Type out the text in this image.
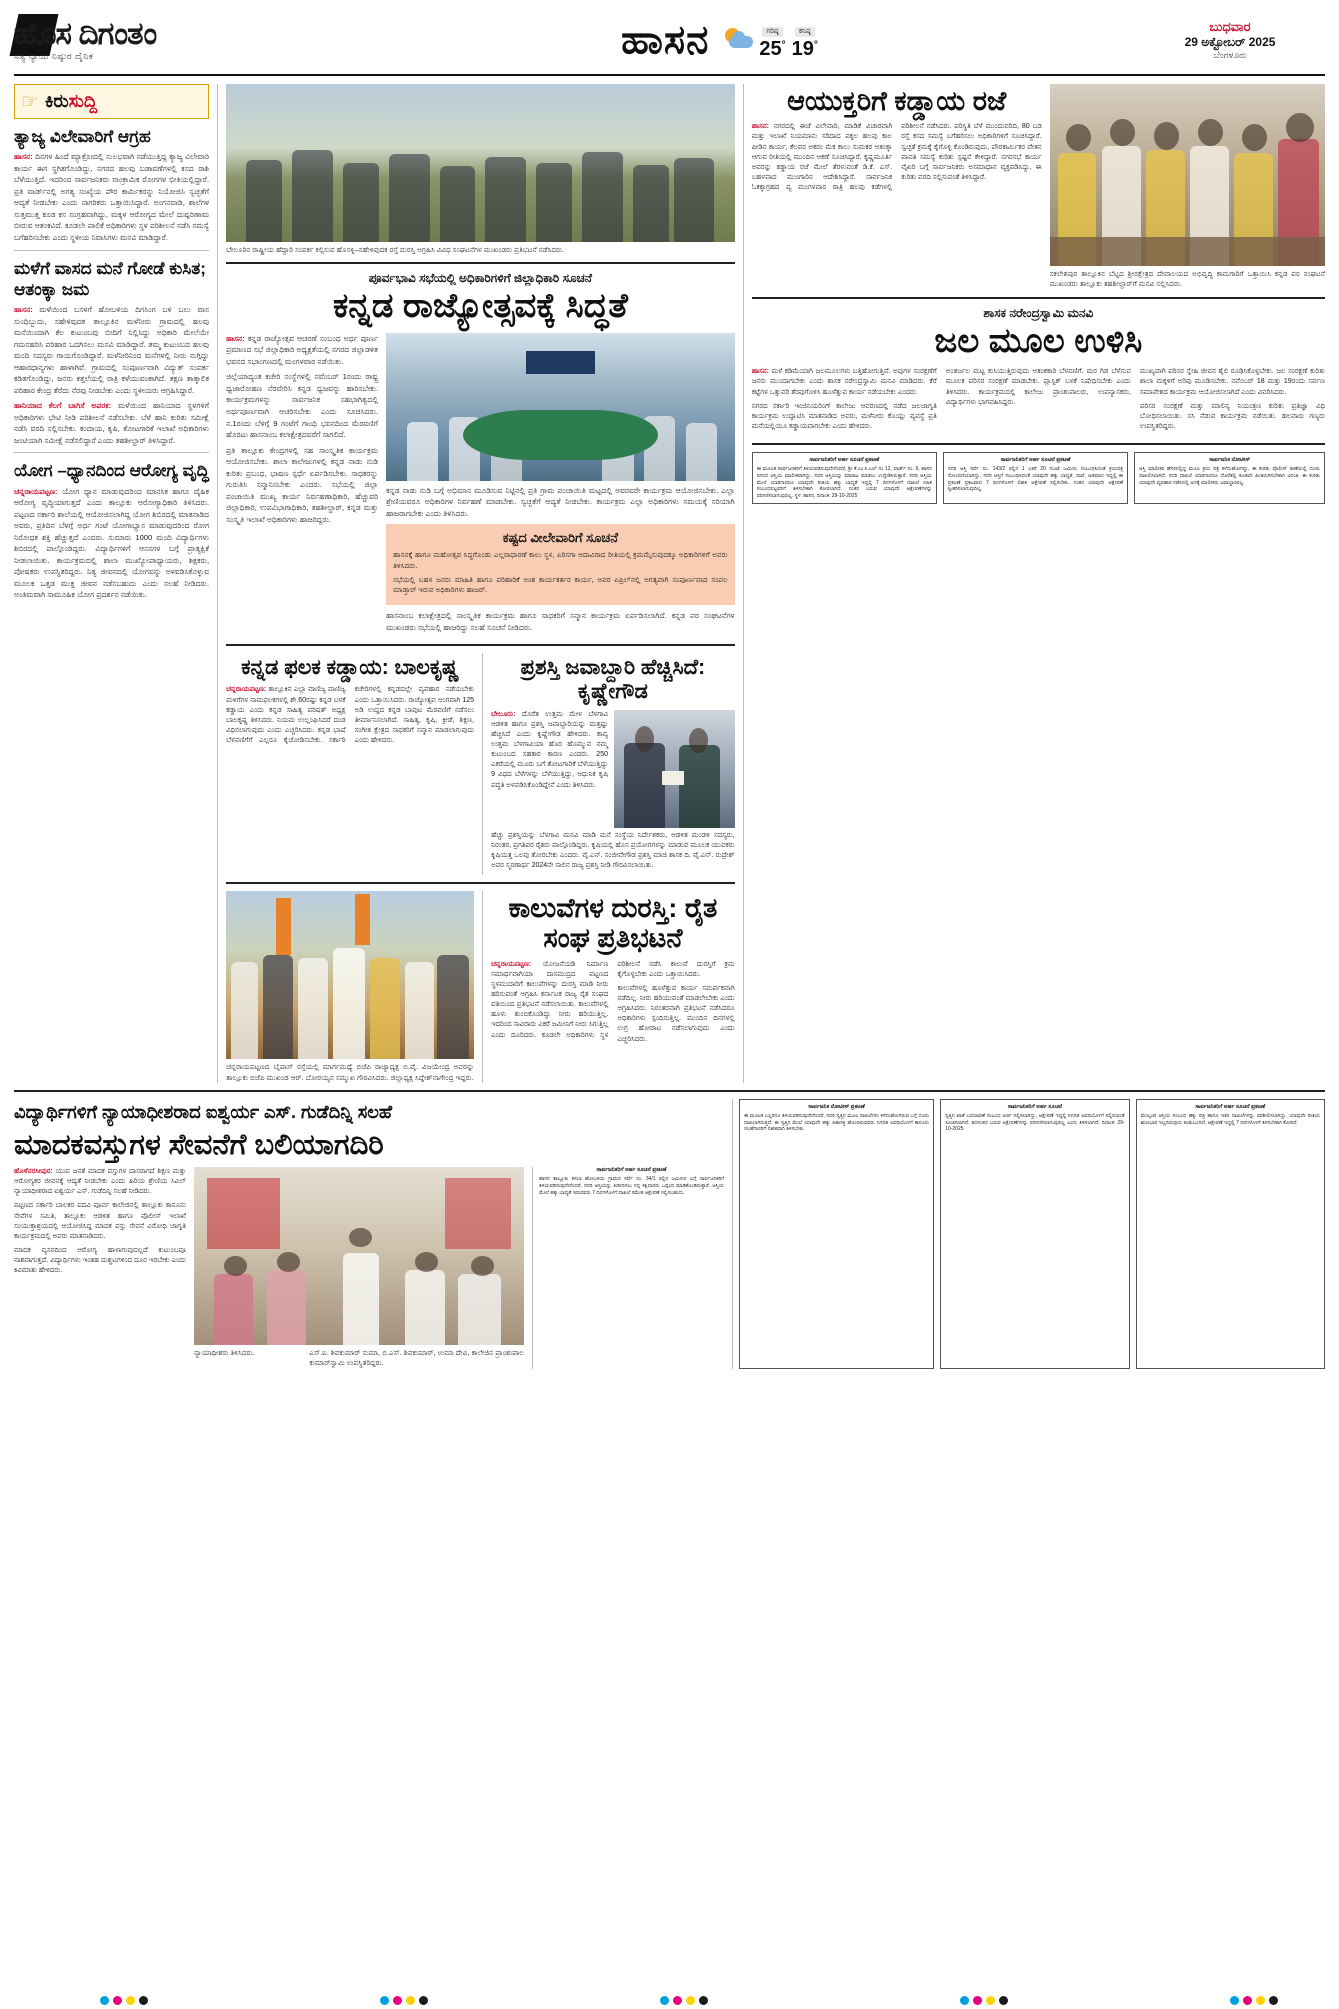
ಹೊಸ ದಿಗಂತ
ಸತ್ಯ ನ್ಯಾಯ ನಿಷ್ಠುರ ದೈನಿಕ	ಹಾಸನ	ಗರಿಷ್ಠ
25°
ಕನಿಷ್ಠ
19°
ಬುಧವಾರ
29 ಅಕ್ಟೋಬರ್ 2025
ಬೆಂಗಳೂರು
☞ ಕಿರುಸುದ್ದಿ
ತ್ಯಾಜ್ಯ ವಿಲೇವಾರಿಗೆ ಆಗ್ರಹ

ಹಾಸನ: ದಿನಗಳ ಹಿಂದೆ ಮ್ಯಾಕ್ರೋದಲ್ಲಿ ಸುಲಭವಾಗಿ ನಡೆಯುತ್ತಿದ್ದ ತ್ಯಾಜ್ಯ ವಿಲೇವಾರಿ ಕಾರ್ಯ ಈಗ ಸ್ಥಗಿತಗೊಂಡಿದ್ದು, ನಗರದ ಹಲವು ಬಡಾವಣೆಗಳಲ್ಲಿ ಕಸದ ರಾಶಿ ಬೆಳೆಯುತ್ತಿದೆ. ಇದರಿಂದ ಸಾರ್ವಜನಿಕರು ಸಾಂಕ್ರಾಮಿಕ ರೋಗಗಳ ಭೀತಿಯಲ್ಲಿದ್ದಾರೆ. ಪ್ರತಿ ವಾರ್ಡ್‌ನಲ್ಲಿ ಅಗತ್ಯ ಸಂಖ್ಯೆಯ ಪೌರ ಕಾರ್ಮಿಕರನ್ನು ನಿಯೋಜಿಸಿ ಸ್ವಚ್ಛತೆಗೆ ಆದ್ಯತೆ ನೀಡಬೇಕು ಎಂದು ನಾಗರಿಕರು ಒತ್ತಾಯಿಸಿದ್ದಾರೆ. ಅಂಗನವಾಡಿ, ಶಾಲೆಗಳ ಸುತ್ತಮುತ್ತ ಕೂಡ ಕಸ ಸಂಗ್ರಹವಾಗಿದ್ದು, ಮಕ್ಕಳ ಆರೋಗ್ಯದ ಮೇಲೆ ದುಷ್ಪರಿಣಾಮ ಬೀರುವ ಆತಂಕವಿದೆ. ಕೂಡಲೇ ಪಾಲಿಕೆ ಅಧಿಕಾರಿಗಳು ಸ್ಥಳ ಪರಿಶೀಲನೆ ನಡೆಸಿ ಸಮಸ್ಯೆ ಬಗೆಹರಿಸಬೇಕು ಎಂದು ಸ್ಥಳೀಯ ನಿವಾಸಿಗಳು ಮನವಿ ಮಾಡಿದ್ದಾರೆ.

ಮಳೆಗೆ ವಾಸದ ಮನೆ ಗೋಡೆ ಕುಸಿತ; ಆತಂಕ್ಕಾ ಜಮ

ಹಾಸನ: ಮಳೆಯಿಂದ ಬಸಳಿಗೆ ಹೋಬಳಿಯ ದಿಗಸಿಂಗ ಬಳಿ ಬಲು ವಾಸ ಸುಂಧಿಬ್ಬುದು, ಸಹೇಳಿವುದಕ ತಾಲ್ಲೂಕಿನ ಮಳೆನೀರು ಗ್ರಾಮದಲ್ಲಿ ಹಲವು ಮನೆಯಿಂದಾಗಿ ಕೆಲ ಕುಟುಂಬವು ಬೀದಿಗೆ ನಿಲ್ಲಿಸಿದ್ದು ಅಧಿಕಾರಿ ಮೇಲೆಯೇ ಗಮನಹರಿಸಿ ಪರಿಹಾರ ಒದಗಿಸಲು ಮನವಿ ಮಾಡಿದ್ದಾರೆ. ತಮ್ಮ ಕುಟುಂಬದ ಹಲವು ಮಂದಿ ಸದಸ್ಯರು ಗಾಯಗೊಂಡಿದ್ದಾರೆ. ಮಳೆನೀರಿನಿಂದ ಮನೆಗಳಲ್ಲಿ ನೀರು ನುಗ್ಗಿದ್ದು ಆಹಾರಧಾನ್ಯಗಳು ಹಾಳಾಗಿವೆ. ಗ್ರಾಮದಲ್ಲಿ ಸಂಪೂರ್ಣವಾಗಿ ವಿದ್ಯುತ್ ಸಂಪರ್ಕ ಕಡಿತಗೊಂಡಿದ್ದು, ಜನರು ಕತ್ತಲೆಯಲ್ಲಿ ರಾತ್ರಿ ಕಳೆಯುವಂತಾಗಿದೆ. ತಕ್ಷಣ ತಾತ್ಕಾಲಿಕ ಪರಿಹಾರ ಕೇಂದ್ರ ತೆರೆದು ನೆರವು ನೀಡಬೇಕು ಎಂದು ಸ್ಥಳೀಯರು ಆಗ್ರಹಿಸಿದ್ದಾರೆ.

ಹಾನಿಯಾದ ಕೆಲಗೆ ಬಾಗಿಸೆ ಅಪರಕ: ಮಳೆಯಿಂದ ಹಾನಿಯಾದ ಸ್ಥಳಗಳಿಗೆ ಅಧಿಕಾರಿಗಳು ಭೇಟಿ ನೀಡಿ ಪರಿಶೀಲನೆ ನಡೆಸಬೇಕು. ಬೆಳೆ ಹಾನಿ ಕುರಿತು ಸಮೀಕ್ಷೆ ನಡೆಸಿ ವರದಿ ಸಲ್ಲಿಸಬೇಕು. ಕಂದಾಯ, ಕೃಷಿ, ತೋಟಗಾರಿಕೆ ಇಲಾಖೆ ಅಧಿಕಾರಿಗಳು ಜಂಟಿಯಾಗಿ ಸಮೀಕ್ಷೆ ನಡೆಸಲಿದ್ದಾರೆ ಎಂದು ತಹಶೀಲ್ದಾರ್ ತಿಳಿಸಿದ್ದಾರೆ.

ಯೋಗ –ಧ್ಯಾನದಿಂದ ಆರೋಗ್ಯ ವೃದ್ಧಿ

ಚನ್ನರಾಯಪಟ್ಟಣ: ಯೋಗ ಧ್ಯಾನ ಮಾಡುವುದರಿಂದ ಮಾನಸಿಕ ಹಾಗೂ ದೈಹಿಕ ಆರೋಗ್ಯ ವೃದ್ಧಿಯಾಗುತ್ತದೆ ಎಂದು ತಾಲ್ಲೂಕು ಆರೋಗ್ಯಾಧಿಕಾರಿ ತಿಳಿಸಿದರು. ಪಟ್ಟಣದ ಸರ್ಕಾರಿ ಶಾಲೆಯಲ್ಲಿ ಆಯೋಜಿಸಲಾಗಿದ್ದ ಯೋಗ ಶಿಬಿರದಲ್ಲಿ ಮಾತನಾಡಿದ ಅವರು, ಪ್ರತಿದಿನ ಬೆಳಗ್ಗೆ ಅರ್ಧ ಗಂಟೆ ಯೋಗಾಭ್ಯಾಸ ಮಾಡುವುದರಿಂದ ರೋಗ ನಿರೋಧಕ ಶಕ್ತಿ ಹೆಚ್ಚುತ್ತದೆ ಎಂದರು. ಸುಮಾರು 1000 ಮಂದಿ ವಿದ್ಯಾರ್ಥಿಗಳು ಶಿಬಿರದಲ್ಲಿ ಪಾಲ್ಗೊಂಡಿದ್ದರು. ವಿದ್ಯಾರ್ಥಿಗಳಿಗೆ ಆಸನಗಳ ಬಗ್ಗೆ ಪ್ರಾತ್ಯಕ್ಷಿಕೆ ನೀಡಲಾಯಿತು. ಕಾರ್ಯಕ್ರಮದಲ್ಲಿ ಶಾಲಾ ಮುಖ್ಯೋಪಾಧ್ಯಾಯರು, ಶಿಕ್ಷಕರು, ಪೋಷಕರು ಉಪಸ್ಥಿತರಿದ್ದರು. ನಿತ್ಯ ಜೀವನದಲ್ಲಿ ಯೋಗವನ್ನು ಅಳವಡಿಸಿಕೊಳ್ಳುವ ಮೂಲಕ ಒತ್ತಡ ಮುಕ್ತ ಜೀವನ ನಡೆಸಬಹುದು ಎಂದು ಸಲಹೆ ನೀಡಿದರು. ಅಂತಿಮವಾಗಿ ಸಾಮೂಹಿಕ ಯೋಗ ಪ್ರದರ್ಶನ ನಡೆಯಿತು.

ಬೇಲೂರಿನ ರಾಷ್ಟ್ರೀಯ ಹೆದ್ದಾರಿ ಸಂಪರ್ಕ ಕಲ್ಪಿಸುವ ಹೊಸಳ್ಳಿ–ಸಹೇಳಿವುದಕ ರಸ್ತೆ ದುರಸ್ತಿ ಆಗ್ರಹಿಸಿ ವಿವಿಧ ಸಂಘಟನೆಗಳ ಮುಖಂಡರು ಪ್ರತಿಭಟನೆ ನಡೆಸಿದರು.
ಪೂರ್ವಭಾವಿ ಸಭೆಯಲ್ಲಿ ಅಧಿಕಾರಿಗಳಿಗೆ ಜಿಲ್ಲಾಧಿಕಾರಿ ಸೂಚನೆ
ಕನ್ನಡ ರಾಜ್ಯೋತ್ಸವಕ್ಕೆ ಸಿದ್ಧತೆ

ಹಾಸನ: ಕನ್ನಡ ರಾಜ್ಯೋತ್ಸವ ಆಚರಣೆ ಸಂಬಂಧ ಅರ್ಧ ಪೂರ್ಣ ಪ್ರಮಾಣದ ಸಭೆ ಜಿಲ್ಲಾಧಿಕಾರಿ ಅಧ್ಯಕ್ಷತೆಯಲ್ಲಿ ನಗರದ ಜಿಲ್ಲಾಡಳಿತ ಭವನದ ಸಭಾಂಗಣದಲ್ಲಿ ಮಂಗಳವಾರ ನಡೆಯಿತು.

ಜಿಲ್ಲೆಯಾದ್ಯಂತ ಕಚೇರಿ ಸಂಸ್ಥೆಗಳಲ್ಲಿ ನವೆಂಬರ್ 1ರಂದು ರಾಷ್ಟ್ರ ಧ್ವಜಾರೋಹಣ ನೆರವೇರಿಸಿ ಕನ್ನಡ ಧ್ವಜವನ್ನು ಹಾರಿಸಬೇಕು. ಕಾರ್ಯಕ್ರಮಗಳನ್ನು ಸಾರ್ವಜನಿಕ ಸಹಭಾಗಿತ್ವದಲ್ಲಿ ಅರ್ಥಪೂರ್ಣವಾಗಿ ಆಚರಿಸಬೇಕು ಎಂದು ಸೂಚಿಸಿದರು. ನ.1ರಂದು ಬೆಳಿಗ್ಗೆ 9 ಗಂಟೆಗೆ ಗಾಂಧಿ ಭವನದಿಂದ ಮೆರವಣಿಗೆ ಹೊರಟು ಹಾಸನಾಂಬ ಕಲಾಕ್ಷೇತ್ರದವರೆಗೆ ಸಾಗಲಿದೆ.

ಪ್ರತಿ ತಾಲ್ಲೂಕು ಕೇಂದ್ರಗಳಲ್ಲಿ ಸಹ ಸಾಂಸ್ಕೃತಿಕ ಕಾರ್ಯಕ್ರಮ ಆಯೋಜಿಸಬೇಕು. ಶಾಲಾ ಕಾಲೇಜುಗಳಲ್ಲಿ ಕನ್ನಡ ನಾಡು ನುಡಿ ಕುರಿತು ಪ್ರಬಂಧ, ಭಾಷಣ ಸ್ಪರ್ಧೆ ಏರ್ಪಡಿಸಬೇಕು. ಸಾಧಕರನ್ನು ಗುರುತಿಸಿ ಸನ್ಮಾನಿಸಬೇಕು ಎಂದರು. ಸಭೆಯಲ್ಲಿ ಜಿಲ್ಲಾ ಪಂಚಾಯಿತಿ ಮುಖ್ಯ ಕಾರ್ಯ ನಿರ್ವಹಣಾಧಿಕಾರಿ, ಹೆಚ್ಚುವರಿ ಜಿಲ್ಲಾಧಿಕಾರಿ, ಉಪವಿಭಾಗಾಧಿಕಾರಿ, ತಹಶೀಲ್ದಾರ್, ಕನ್ನಡ ಮತ್ತು ಸಂಸ್ಕೃತಿ ಇಲಾಖೆ ಅಧಿಕಾರಿಗಳು ಹಾಜರಿದ್ದರು.

ಕನ್ನಡ ನಾಡು ನುಡಿ ಬಗ್ಗೆ ಅಭಿಮಾನ ಮೂಡಿಸುವ ನಿಟ್ಟಿನಲ್ಲಿ ಪ್ರತಿ ಗ್ರಾಮ ಪಂಚಾಯಿತಿ ಮಟ್ಟದಲ್ಲಿ ಅವರವರೇ ಕಾರ್ಯಕ್ರಮ ಆಯೋಜಿಸಬೇಕು. ಎಲ್ಲಾ ಶ್ರೇಣಿಯವರೂ ಅಧಿಕಾರಿಗಳ ನಿರ್ವಹಣೆ ಮಾಡಬೇಕು. ಸ್ವಚ್ಛತೆಗೆ ಆದ್ಯತೆ ನೀಡಬೇಕು. ಕಾರ್ಯಕ್ರಮ ಎಲ್ಲಾ ಅಧಿಕಾರಿಗಳು ಸಮಯಕ್ಕೆ ಸರಿಯಾಗಿ ಹಾಜರಾಗಬೇಕು ಎಂದು ತಿಳಿಸಿದರು.

ಕಷ್ಟದ ವೀಲೇವಾರಿಗೆ ಸೂಚನೆ

ಹಾಸನಕ್ಕೆ ಹಾಗೂ ಮಹೋತ್ಸವ ಸಿದ್ಧಗೊಂಡು ಎಲ್ಲರಾಧಾರಣೆ ಕಾಲು ಸ್ಥಳ, ಏರಿಸಗಾ ಆದಾವಿರಾದ ರೀತಿಯಲ್ಲಿ ಕ್ರಮಮೈಸುವುದಕ್ಕೂ ಅಧಿಕಾರಿಗಳಿಗೆ ಅವರು ತಿಳಿಸಿದರು.

ಸಭೆಯಲ್ಲಿ ಬಹಳ ಜನರು ಮಾಹಿತಿ ಹಾಗೂ ಪರಿಹಾರಿಕೆ ಅಂಶ ಕಾರ್ಯಕರ್ತರ ಕಾರ್ಯ, ಅವರ ಏಪ್ರಿಲ್‌ನಲ್ಲಿ ಅಗತ್ಯವಾಗಿ ಸಂಪೂರ್ಣವಾದ ಸಂಪಲ ಮಾಡ್ತಾರ್ ಇರುವ ಅಧಿಕಾರಿಗಳು ಹಾಜರ್.

ಹಾಸನಾಂಬ ಕಲಾಕ್ಷೇತ್ರದಲ್ಲಿ ಸಾಂಸ್ಕೃತಿಕ ಕಾರ್ಯಕ್ರಮ ಹಾಗೂ ಸಾಧಕರಿಗೆ ಸನ್ಮಾನ ಕಾರ್ಯಕ್ರಮ ಏರ್ಪಡಿಸಲಾಗಿದೆ. ಕನ್ನಡ ಪರ ಸಂಘಟನೆಗಳ ಮುಖಂಡರು ಸಭೆಯಲ್ಲಿ ಹಾಜರಿದ್ದು ಸಲಹೆ ಸೂಚನೆ ನೀಡಿದರು.

ಕನ್ನಡ ಫಲಕ ಕಡ್ಡಾಯ: ಬಾಲಕೃಷ್ಣ

ಚನ್ನರಾಯಪಟ್ಟಣ: ತಾಲ್ಲೂಕಿನ ಎಲ್ಲಾ ವಾಣಿಜ್ಯ ವಾಣಿಜ್ಯ ಮಳಿಗೆಗಳ ನಾಮಫಲಕಗಳಲ್ಲಿ ಶೇ.60ರಷ್ಟು ಕನ್ನಡ ಬಳಕೆ ಕಡ್ಡಾಯ ಎಂದು ಕನ್ನಡ ಸಾಹಿತ್ಯ ಪರಿಷತ್ ಅಧ್ಯಕ್ಷ ಬಾಲಕೃಷ್ಣ ತಿಳಿಸಿದರು. ನಿಯಮ ಉಲ್ಲಂಘಿಸಿದರೆ ದಂಡ ವಿಧಿಸಲಾಗುವುದು ಎಂದು ಎಚ್ಚರಿಸಿದರು. ಕನ್ನಡ ಭಾಷೆ ಬೆಳವಣಿಗೆಗೆ ಎಲ್ಲರೂ ಕೈಜೋಡಿಸಬೇಕು. ಸರ್ಕಾರಿ ಕಚೇರಿಗಳಲ್ಲಿ ಕನ್ನಡದಲ್ಲೇ ವ್ಯವಹಾರ ನಡೆಯಬೇಕು ಎಂದು ಒತ್ತಾಯಿಸಿದರು. ರಾಜ್ಯೋತ್ಸವ ಅಂಗವಾಗಿ 125 ಅಡಿ ಉದ್ದದ ಕನ್ನಡ ಬಾವುಟ ಮೆರವಣಿಗೆ ನಡೆಸಲು ತೀರ್ಮಾನಿಸಲಾಗಿದೆ. ಸಾಹಿತ್ಯ, ಕೃಷಿ, ಕ್ರೀಡೆ, ಶಿಕ್ಷಣ, ಸಂಗೀತ ಕ್ಷೇತ್ರದ ಸಾಧಕರಿಗೆ ಸನ್ಮಾನ ಮಾಡಲಾಗುವುದು ಎಂದು ಹೇಳಿದರು.

ಪ್ರಶಸ್ತಿ ಜವಾಬ್ದಾರಿ ಹೆಚ್ಚಿಸಿದೆ: ಕೃಷ್ಣೇಗೌಡ

ಬೇಲೂರು: ದೊರೆತ ಉತ್ತಮ ಮೇಳ ಬೆಳಗಾವಿ ಆಡಳಿತ ಹಾಗೂ ಪ್ರಶಸ್ತಿ ಜವಾಬ್ದಾರಿಯನ್ನು ಮತ್ತಷ್ಟು ಹೆಚ್ಚಿಸಿದೆ ಎಂದು ಕೃಷ್ಣೇಗೌಡ ಹೇಳಿದರು. ಕಾವ್ಯ ಉತ್ತಮ ಬೆಳಗಾವಿಯಾ ಹೊರ ಹೊಮ್ಮುವ ನಮ್ಮ ಕುಟುಂಬದ ಸಹಕಾರ ಕಾರಣ ಎಂದರು. 250 ಎಕರೆಯಲ್ಲಿ ಮೂರು ಬಗೆ ತೋಟಗಾರಿಕೆ ಬೆಳೆಯುತ್ತಿದ್ದು 9 ವಿಧದ ಬೆಳೆಗಳನ್ನು ಬೆಳೆಯುತ್ತಿದ್ದು, ಆಧುನಿಕ ಕೃಷಿ ಪದ್ಧತಿ ಅಳವಡಿಸಿಕೊಂಡಿದ್ದೇನೆ ಎಂದು ತಿಳಿಸಿದರು.

ಹೆಚ್ಚು ಪ್ರಶಸ್ತಿಯನ್ನು ಬೆಳಗಾವಿ ಮನವಿ ಮಾಡಿ ಮನೆ ಸಂಸ್ಥೆಯ ನಿರ್ದೇಶಕರು, ಆಡಳಿತ ಮಂಡಳಿ ಸದಸ್ಯರು, ನಿರಂತರ, ಪ್ರಗತಿಪರ ರೈತರು ಪಾಲ್ಗೊಂಡಿದ್ದರು. ಕೃಷಿಯಲ್ಲಿ ಹೊಸ ಪ್ರಯೋಗಗಳನ್ನು ಮಾಡುವ ಮೂಲಕ ಯುವಕರು ಕೃಷಿಯತ್ತ ಒಲವು ತೋರಬೇಕು ಎಂದರು. ವೈ.ಎನ್. ಸಂಜೀವೇಗೌಡ ಪ್ರಶಸ್ತಿ ಮಾಜಿ ಶಾಸಕ ದಿ. ವೈ.ಎನ್. ರುದ್ರೇಶ್ ಅವರ ಸ್ಮರಣಾರ್ಥ 2024ನೇ ಸಾಲಿನ ರಾಜ್ಯ ಪ್ರಶಸ್ತಿ ನೀಡಿ ಗೌರವಿಸಲಾಯಿತು.

ಚನ್ನರಾಯಪಟ್ಟಣದ ಬೈಪಾಸ್ ರಸ್ತೆಯಲ್ಲಿ ಮಾರ್ಗಮಧ್ಯೆ ಬಿಜೆಪಿ ರಾಜ್ಯಾಧ್ಯಕ್ಷ ಬಿ.ವೈ. ವಿಜಯೇಂದ್ರ ಅವರನ್ನು ತಾಲ್ಲೂಕು ಬಿಜೆಪಿ ಮುಖಂಡ ಆರ್. ಬೋರಯ್ಯನ ಸಮ್ಮುಖ ಗೌರವಿಸಿದರು. ಜಿಲ್ಲಾಧ್ಯಕ್ಷ ಸಿದ್ದೇಶ್‌ನಾಗೇಂದ್ರ ಇದ್ದರು.
ಕಾಲುವೆಗಳ ದುರಸ್ತಿ: ರೈತ ಸಂಘ ಪ್ರತಿಭಟನೆ

ಚನ್ನರಾಯಪಟ್ಟಣ: ಯೋಜನೆಯಡಿ ನಿರ್ಮಾಣ ಸಮಾರ್ಥವಾಗಿಯಾ ದಾಸಮುದ್ರದ ಪಟ್ಟಣದ ಸ್ಥಳಮುದಾರಿಗೆ ಕಾಲುವೆಗಳನ್ನು ದುರಸ್ತಿ ಮಾಡಿ ನೀರು ಹರಿಸುವಂತೆ ಆಗ್ರಹಿಸಿ ಕರ್ನಾಟಕ ರಾಜ್ಯ ರೈತ ಸಂಘದ ವತಿಯಿಂದ ಪ್ರತಿಭಟನೆ ನಡೆಸಲಾಯಿತು. ಕಾಲುವೆಗಳಲ್ಲಿ ಹೂಳು ತುಂಬಿಕೊಂಡಿದ್ದು ನೀರು ಹರಿಯುತ್ತಿಲ್ಲ. ಇದರಿಂದ ಸಾವಿರಾರು ಎಕರೆ ಜಮೀನಿಗೆ ನೀರು ಸಿಗುತ್ತಿಲ್ಲ ಎಂದು ದೂರಿದರು. ಕೂಡಲೇ ಅಧಿಕಾರಿಗಳು ಸ್ಥಳ ಪರಿಶೀಲನೆ ನಡೆಸಿ ಕಾಲುವೆ ದುರಸ್ತಿಗೆ ಕ್ರಮ ಕೈಗೊಳ್ಳಬೇಕು ಎಂದು ಒತ್ತಾಯಿಸಿದರು.

ಕಾಲುವೆಗಳಲ್ಲಿ ಹೂಳೆತ್ತುವ ಕಾರ್ಯ ಸಮರ್ಪಕವಾಗಿ ನಡೆದಿಲ್ಲ. ನೀರು ಹರಿಯುವಂತೆ ಮಾಡಲೇಬೇಕು ಎಂದು ಆಗ್ರಹಿಸಿದರು. ನಿರಂತರವಾಗಿ ಪ್ರತಿಭಟನೆ ನಡೆಸಿದರೂ ಅಧಿಕಾರಿಗಳು ಸ್ಪಂದಿಸುತ್ತಿಲ್ಲ. ಮುಂದಿನ ದಿನಗಳಲ್ಲಿ ಉಗ್ರ ಹೋರಾಟ ನಡೆಸಲಾಗುವುದು ಎಂದು ಎಚ್ಚರಿಸಿದರು.

ಆಯುಕ್ತರಿಗೆ ಕಡ್ಡಾಯ ರಜೆ

ಹಾಸನ: ನಗರದಲ್ಲಿ ಈಚೆ ವಿಲೇವಾರಿ, ಮಾಡಿಕೆ ವಿಚಾರವಾಗಿ ಮತ್ತು ಇಲಾಖೆ ನಿಯಮಾನು ಸರಿದಾದ ಪಕೃಲ ಹಲವು ಕಾಲ ಪೀಡಿನ ಕಾರ್ಯ, ಕೆಲವರ ಅಕರಂ ಮೆಕ ಕಾಲು ಸುಮಕರ ಆತಂಕ್ಕಾ ಆಗುವ ರೀತಿಯಲ್ಲಿ ಮುಂದಿನ ಆಕಣೆ ಸೂಚಿಸಿದ್ದಾರೆ. ಕೃಷ್ಣಮೂರ್ತಿ ಅವರನ್ನು ಕಡ್ಡಾಯ ರಜೆ ಮೇಲೆ ತೆರಳುವಂತೆ ಡಿ.ಕೆ. ಎಸ್. ಬಹಳವಾದ ಮುಂಗಾರಿನ ಆದೇಶಿಸಿದ್ದಾರೆ. ಸಾರ್ವಜನಿಕ ಓಕಕ್ಕಾಗ್ರಹದ ವ್ಯ ಮಂಗಳವಾರ ರಾತ್ರಿ ಹಲವು ಕಡೆಗಳಲ್ಲಿ ಪರಿಶೀಲನೆ ನಡೆಸಿದರು. ಪರಿಸ್ಥಿತಿ ಬೆಳೆ ಮುಂದುವರಿದಿ, 80 ಬಡ ರಸ್ತೆ ಕಸದ ಸಮಸ್ಯೆ ಬಗೆಹರಿಸಲು ಅಧಿಕಾರಿಗಳಿಗೆ ಸೂಚಿಸಿದ್ದಾರೆ. ಸ್ವಚ್ಛತೆ ಕ್ರಮಕ್ಕೆ ಕೈಗೊಳ್ಳಿ ಕೊಂಡಿರುವುದು, ಪೌರಕಾರ್ಮಿಕರ ವೇತನ ಪಾವತಿ ಸಮಸ್ಯೆ ಕುರಿತು ಸ್ಪಷ್ಟನೆ ಕೇಳಿದ್ದಾರೆ. ನಗರಸಭೆ ಕಾರ್ಯ ವೈಖರಿ ಬಗ್ಗೆ ಸಾರ್ವಜನಿಕರು ಅಸಮಾಧಾನ ವ್ಯಕ್ತಪಡಿಸಿದ್ದು, ಈ ಕುರಿತು ವರದಿ ಸಲ್ಲಿಸುವಂತೆ ತಿಳಿಸಿದ್ದಾರೆ.

ಸಕಲೇಶಪುರ ತಾಲ್ಲೂಕಿನ ಬೆಟ್ಟದ ಶ್ರೀರಕ್ಷೇತ್ರದ ದೇವಾಲಯದ ಅಭಿವೃದ್ಧಿ ಕಾಮಗಾರಿಗೆ ಒತ್ತಾಯಿಸಿ ಕನ್ನಡ ಪರ ಸಂಘಟನೆ ಮುಖಂಡರು ತಾಲ್ಲೂಕು ತಹಶೀಲ್ದಾರ್‌ಗೆ ಮನವಿ ಸಲ್ಲಿಸಿದರು.
ಶಾಸಕ ನರೇಂದ್ರಸ್ವಾಮಿ ಮನವಿ
ಜಲ ಮೂಲ ಉಳಿಸಿ

ಹಾಸನ: ಮಳೆ ಕಡಿಮೆಯಾಗಿ ಜಲಮೂಲಗಳು ಬತ್ತಿಹೋಗುತ್ತಿವೆ. ಅವುಗಳ ಸಂರಕ್ಷಣೆಗೆ ಜನರು ಮುಂದಾಗಬೇಕು ಎಂದು ಶಾಸಕ ನರೇಂದ್ರಸ್ವಾಮಿ ಮನವಿ ಮಾಡಿದರು. ಕೆರೆ ಕಟ್ಟೆಗಳ ಒತ್ತುವರಿ ತೆರವುಗೊಳಿಸಿ ಹೂಳೆತ್ತುವ ಕಾರ್ಯ ನಡೆಯಬೇಕು ಎಂದರು.

ನಗರದ ಸರ್ಕಾರಿ ಇಂಜಿನಿಯರಿಂಗ್ ಕಾಲೇಜು ಆವರಣದಲ್ಲಿ ನಡೆದ ಜಲಜಾಗೃತಿ ಕಾರ್ಯಕ್ರಮ ಉದ್ಘಾಟಿಸಿ ಮಾತನಾಡಿದ ಅವರು, ಮಳೆನೀರು ಕೊಯ್ಲು ವ್ಯವಸ್ಥೆ ಪ್ರತಿ ಮನೆಯಲ್ಲಿಯೂ ಕಡ್ಡಾಯವಾಗಬೇಕು ಎಂದು ಹೇಳಿದರು.

ಅಂತರ್ಜಲ ಮಟ್ಟ ಕುಸಿಯುತ್ತಿರುವುದು ಆತಂಕಕಾರಿ ಬೆಳವಣಿಗೆ. ಮರ ಗಿಡ ಬೆಳೆಸುವ ಮೂಲಕ ಪರಿಸರ ಸಂರಕ್ಷಣೆ ಮಾಡಬೇಕು. ಪ್ಲಾಸ್ಟಿಕ್ ಬಳಕೆ ನಿಷೇಧಿಸಬೇಕು ಎಂದು ತಿಳಿಸಿದರು. ಕಾರ್ಯಕ್ರಮದಲ್ಲಿ ಕಾಲೇಜು ಪ್ರಾಂಶುಪಾಲರು, ಉಪನ್ಯಾಸಕರು, ವಿದ್ಯಾರ್ಥಿಗಳು ಭಾಗವಹಿಸಿದ್ದರು.

ಮುಖ್ಯವಾಗಿ ಪರಿಸರ ಸ್ನೇಹಿ ಜೀವನ ಶೈಲಿ ರೂಢಿಸಿಕೊಳ್ಳಬೇಕು. ಜಲ ಸಂರಕ್ಷಣೆ ಕುರಿತು ಶಾಲಾ ಮಕ್ಕಳಿಗೆ ಅರಿವು ಮೂಡಿಸಬೇಕು. ನವೆಂಬರ್ 18 ಮತ್ತು 19ರಂದು ಸರ್ವಣ ಸಮಾವೇಶದ ಕಾರ್ಯಕ್ರಮ ಆಯೋಜಿಸಲಾಗಿದೆ ಎಂದು ವಿವರಿಸಿದರು.

ಪರಿಸರ ಸಂರಕ್ಷಣೆ ಮತ್ತು ಮಾಲಿನ್ಯ ನಿಯಂತ್ರಣ ಕುರಿತು ಪ್ರತಿಜ್ಞಾ ವಿಧಿ ಬೋಧಿಸಲಾಯಿತು. ಸಸಿ ನೆಡುವ ಕಾರ್ಯಕ್ರಮ ನಡೆಯಿತು. ಹಲವಾರು ಗಣ್ಯರು ಉಪಸ್ಥಿತರಿದ್ದರು.

ಸಾರ್ವಜನಿಕರಿಗೆ ಅರ್ಹ ಸೂಚನೆ ಪ್ರಕಟಣೆ
ಈ ಮೂಲಕ ಸಾರ್ವಜನಿಕರಿಗೆ ತಿಳಿಯಪಡಿಸುವುದೇನೆಂದರೆ, ಶ್ರೀ ಕೆ.ಎಂ.ಸಿ.ಎಲ್ ನಂ 12, ವಾರ್ಡ್ ನಂ. 9, ಹಾಸನ ನಗರದ ಆಸ್ತಿಯ ಮಾಲೀಕರಾಗಿದ್ದು, ಸದರಿ ಆಸ್ತಿಯನ್ನು ಮಾರಾಟ ಮಾಡಲು ಉದ್ದೇಶಿಸಿರುತ್ತಾರೆ. ಸದರಿ ಆಸ್ತಿಯ ಮೇಲೆ ಯಾರಿಗಾದರೂ ಯಾವುದೇ ರೀತಿಯ ಹಕ್ಕು ಬಾಧ್ಯತೆ ಇದ್ದಲ್ಲಿ 7 ದಿನಗಳೊಳಗೆ ದಾಖಲೆ ಸಹಿತ ಸಂಬಂಧಪಟ್ಟವರಿಗೆ ತಿಳಿಸಬೇಕಾಗಿ ಕೋರಲಾಗಿದೆ. ನಂತರ ಬರುವ ಯಾವುದೇ ಆಕ್ಷೇಪಣೆಗಳನ್ನು ಪರಿಗಣಿಸಲಾಗುವುದಿಲ್ಲ. ಸ್ಥಳ: ಹಾಸನ, ದಿನಾಂಕ: 29-10-2025
ಸಾರ್ವಜನಿಕರಿಗೆ ಅರ್ಹ ಸೂಚನೆ ಪ್ರಕಟಣೆ
ಸದರಿ ಆಸ್ತಿ ಸರ್ವೆ ನಂ. 143/2 ರಲ್ಲಿನ 1 ಎಕರೆ 20 ಗುಂಟೆ ಜಮೀನು ಸಂಬಂಧಿಸಿದಂತೆ ಕ್ರಯಪತ್ರ ನೋಂದಣಿಯಾಗಿದ್ದು, ಸದರಿ ಆಸ್ತಿಗೆ ಸಂಬಂಧಿಸಿದಂತೆ ಯಾವುದೇ ಹಕ್ಕು ಬಾಧ್ಯತೆ, ದಾವೆ, ಅಡಮಾನ ಇದ್ದಲ್ಲಿ ಈ ಪ್ರಕಟಣೆ ಪ್ರಕಟವಾದ 7 ದಿನಗಳೊಳಗೆ ಲಿಖಿತ ಆಕ್ಷೇಪಣೆ ಸಲ್ಲಿಸಬೇಕು. ನಂತರ ಯಾವುದೇ ಆಕ್ಷೇಪಣೆ ಸ್ವೀಕರಿಸಲಾಗುವುದಿಲ್ಲ.
ಸಾರ್ವಜನಿಕ ನೋಟೀಸ್
ಆಸ್ತಿ ಮಾಲೀಕರ ಹೆಸರಿನಲ್ಲಿದ್ದ ಮೂಲ ಕ್ರಯ ಪತ್ರ ಕಳೆದುಹೋಗಿದ್ದು, ಈ ಕುರಿತು ಪೊಲೀಸ್ ಠಾಣೆಯಲ್ಲಿ ದೂರು ದಾಖಲಿಸಲಾಗಿದೆ. ಸದರಿ ದಾಖಲೆ ಯಾರಿಗಾದರೂ ದೊರೆತಲ್ಲಿ ಕೂಡಲೇ ಹಿಂತಿರುಗಿಸಬೇಕಾಗಿ ವಿನಂತಿ. ಈ ಕುರಿತು ಯಾವುದೇ ವ್ಯವಹಾರ ನಡೆಸಿದಲ್ಲಿ ಅದಕ್ಕೆ ಮಾಲೀಕರು ಜವಾಬ್ದಾರರಲ್ಲ.
ವಿದ್ಯಾರ್ಥಿಗಳಿಗೆ ನ್ಯಾಯಾಧೀಶರಾದ ಐಶ್ವರ್ಯ ಎಸ್. ಗುಡೆದಿನ್ನಿ ಸಲಹೆ
ಮಾದಕವಸ್ತುಗಳ ಸೇವನೆಗೆ ಬಲಿಯಾಗದಿರಿ

ಹೊಳೆನರಸೀಪುರ: ಯುವ ಜನತೆ ಮಾದಕ ವಸ್ತುಗಳ ದಾಸರಾಗದೆ ಶಿಕ್ಷಣ ಮತ್ತು ಆರೋಗ್ಯಕರ ಜೀವನಕ್ಕೆ ಆದ್ಯತೆ ನೀಡಬೇಕು ಎಂದು ಹಿರಿಯ ಶ್ರೇಣಿಯ ಸಿವಿಲ್ ನ್ಯಾಯಾಧೀಶರಾದ ಐಶ್ವರ್ಯ ಎಸ್. ಗುಡೆದಿನ್ನಿ ಸಲಹೆ ನೀಡಿದರು.

ಪಟ್ಟಣದ ಸರ್ಕಾರಿ ಬಾಲಕರ ಪದವಿ ಪೂರ್ವ ಕಾಲೇಜಿನಲ್ಲಿ ತಾಲ್ಲೂಕು ಕಾನೂನು ಸೇವೆಗಳ ಸಮಿತಿ, ತಾಲ್ಲೂಕು ಆಡಳಿತ ಹಾಗೂ ಪೊಲೀಸ್ ಇಲಾಖೆ ಸಂಯುಕ್ತಾಶ್ರಯದಲ್ಲಿ ಆಯೋಜಿಸಿದ್ದ ಮಾದಕ ವಸ್ತು ಸೇವನೆ ವಿರೋಧಿ ಜಾಗೃತಿ ಕಾರ್ಯಕ್ರಮದಲ್ಲಿ ಅವರು ಮಾತನಾಡಿದರು.

ಮಾದಕ ವ್ಯಸನದಿಂದ ಆರೋಗ್ಯ ಹಾಳಾಗುವುದಲ್ಲದೆ ಕುಟುಂಬವೂ ನಾಶವಾಗುತ್ತದೆ. ವಿದ್ಯಾರ್ಥಿಗಳು ಇಂತಹ ದುಶ್ಚಟಗಳಿಂದ ದೂರ ಇರಬೇಕು ಎಂದು ಕಿವಿಮಾತು ಹೇಳಿದರು.

ನ್ಯಾಯಾಧೀಶರು ತಿಳಿಸಿದರು.	ಎಸ್.ಐ. ಶಿವಕುಮಾರ್ ಸುಮಾ, ಬಿ.ಎಸ್. ಶಿವಕುಮಾರ್, ಉಮಾ ದೇವಿ, ಕಾಲೇಜಿನ ಪ್ರಾಂಶುಪಾಲ ಕುಮಾರ್‌ಸ್ವಾಮಿ ಉಪಸ್ಥಿತರಿದ್ದರು.
ಸಾರ್ವಜನಿಕರಿಗೆ ಅರ್ಹ ಸೂಚನೆ ಪ್ರಕಟಣೆ
ಹಾಸನ ತಾಲ್ಲೂಕು ಕಸಬಾ ಹೋಬಳಿಯ ಗ್ರಾಮದ ಸರ್ವೆ ನಂ. 34/1 ರಲ್ಲಿನ ಜಮೀನಿನ ಬಗ್ಗೆ ಸಾರ್ವಜನಿಕರಿಗೆ ತಿಳಿಯಪಡಿಸುವುದೇನೆಂದರೆ, ಸದರಿ ಆಸ್ತಿಯನ್ನು ಖರೀದಿಸಲು ನನ್ನ ಕಕ್ಷಿದಾರರು ಒಪ್ಪಂದ ಮಾಡಿಕೊಂಡಿರುತ್ತಾರೆ. ಆಸ್ತಿಯ ಮೇಲೆ ಹಕ್ಕು ಬಾಧ್ಯತೆ ಇರುವವರು 7 ದಿನಗಳೊಳಗೆ ದಾಖಲೆ ಸಮೇತ ಆಕ್ಷೇಪಣೆ ಸಲ್ಲಿಸಬಹುದು.
ಸಾರ್ವಜನಿಕ ನೋಟೀಸ್ ಪ್ರಕಟಣೆ
ಈ ಮೂಲಕ ಎಲ್ಲರಿಗೂ ತಿಳಿಯಪಡಿಸುವುದೇನೆಂದರೆ, ಸದರಿ ಸ್ವತ್ತಿನ ಮೂಲ ದಾಖಲೆಗಳು ಕಳೆದುಹೋಗಿರುವ ಬಗ್ಗೆ ದೂರು ದಾಖಲಾಗಿರುತ್ತದೆ. ಈ ಸ್ವತ್ತಿನ ಮೇಲೆ ಯಾವುದೇ ಹಕ್ಕು ಹಿತಾಸಕ್ತಿ ಹೊಂದಿರುವವರು ನಿಗದಿತ ಅವಧಿಯೊಳಗೆ ಕಾನೂನು ಸಲಹೆಗಾರರಿಗೆ ಲಿಖಿತವಾಗಿ ತಿಳಿಸಬೇಕು.
ಸಾರ್ವಜನಿಕರಿಗೆ ಅರ್ಹ ಸೂಚನೆ
ಸ್ವತ್ತಿನ ಖಾತೆ ಬದಲಾವಣೆ ಸಂಬಂಧ ಅರ್ಜಿ ಸಲ್ಲಿಸಲಾಗಿದ್ದು, ಆಕ್ಷೇಪಣೆ ಇದ್ದಲ್ಲಿ ನಿಗದಿತ ಅವಧಿಯೊಳಗೆ ಸಲ್ಲಿಸುವಂತೆ ಸೂಚಿಸಲಾಗಿದೆ. ತದನಂತರ ಬರುವ ಆಕ್ಷೇಪಣೆಗಳನ್ನು ಪರಿಗಣಿಸಲಾಗುವುದಿಲ್ಲ ಎಂದು ತಿಳಿಸಲಾಗಿದೆ. ದಿನಾಂಕ: 29-10-2025
ಸಾರ್ವಜನಿಕರಿಗೆ ಅರ್ಹ ಸೂಚನೆ ಪ್ರಕಟಣೆ
ಮೇಲ್ಕಂಡ ಆಸ್ತಿಯ ಸಂಬಂಧ ಹಕ್ಕು ಪತ್ರ ಹಾಗೂ ಇತರ ದಾಖಲೆಗಳನ್ನು ಪರಿಶೀಲಿಸಲಾಗಿದ್ದು, ಯಾವುದೇ ರೀತಿಯ ಋಣಭಾರ ಇಲ್ಲದಿರುವುದು ಕಂಡುಬಂದಿದೆ. ಆಕ್ಷೇಪಣೆ ಇದ್ದಲ್ಲಿ 7 ದಿನಗಳೊಳಗೆ ತಿಳಿಸಬೇಕಾಗಿ ಕೋರಿದೆ.
